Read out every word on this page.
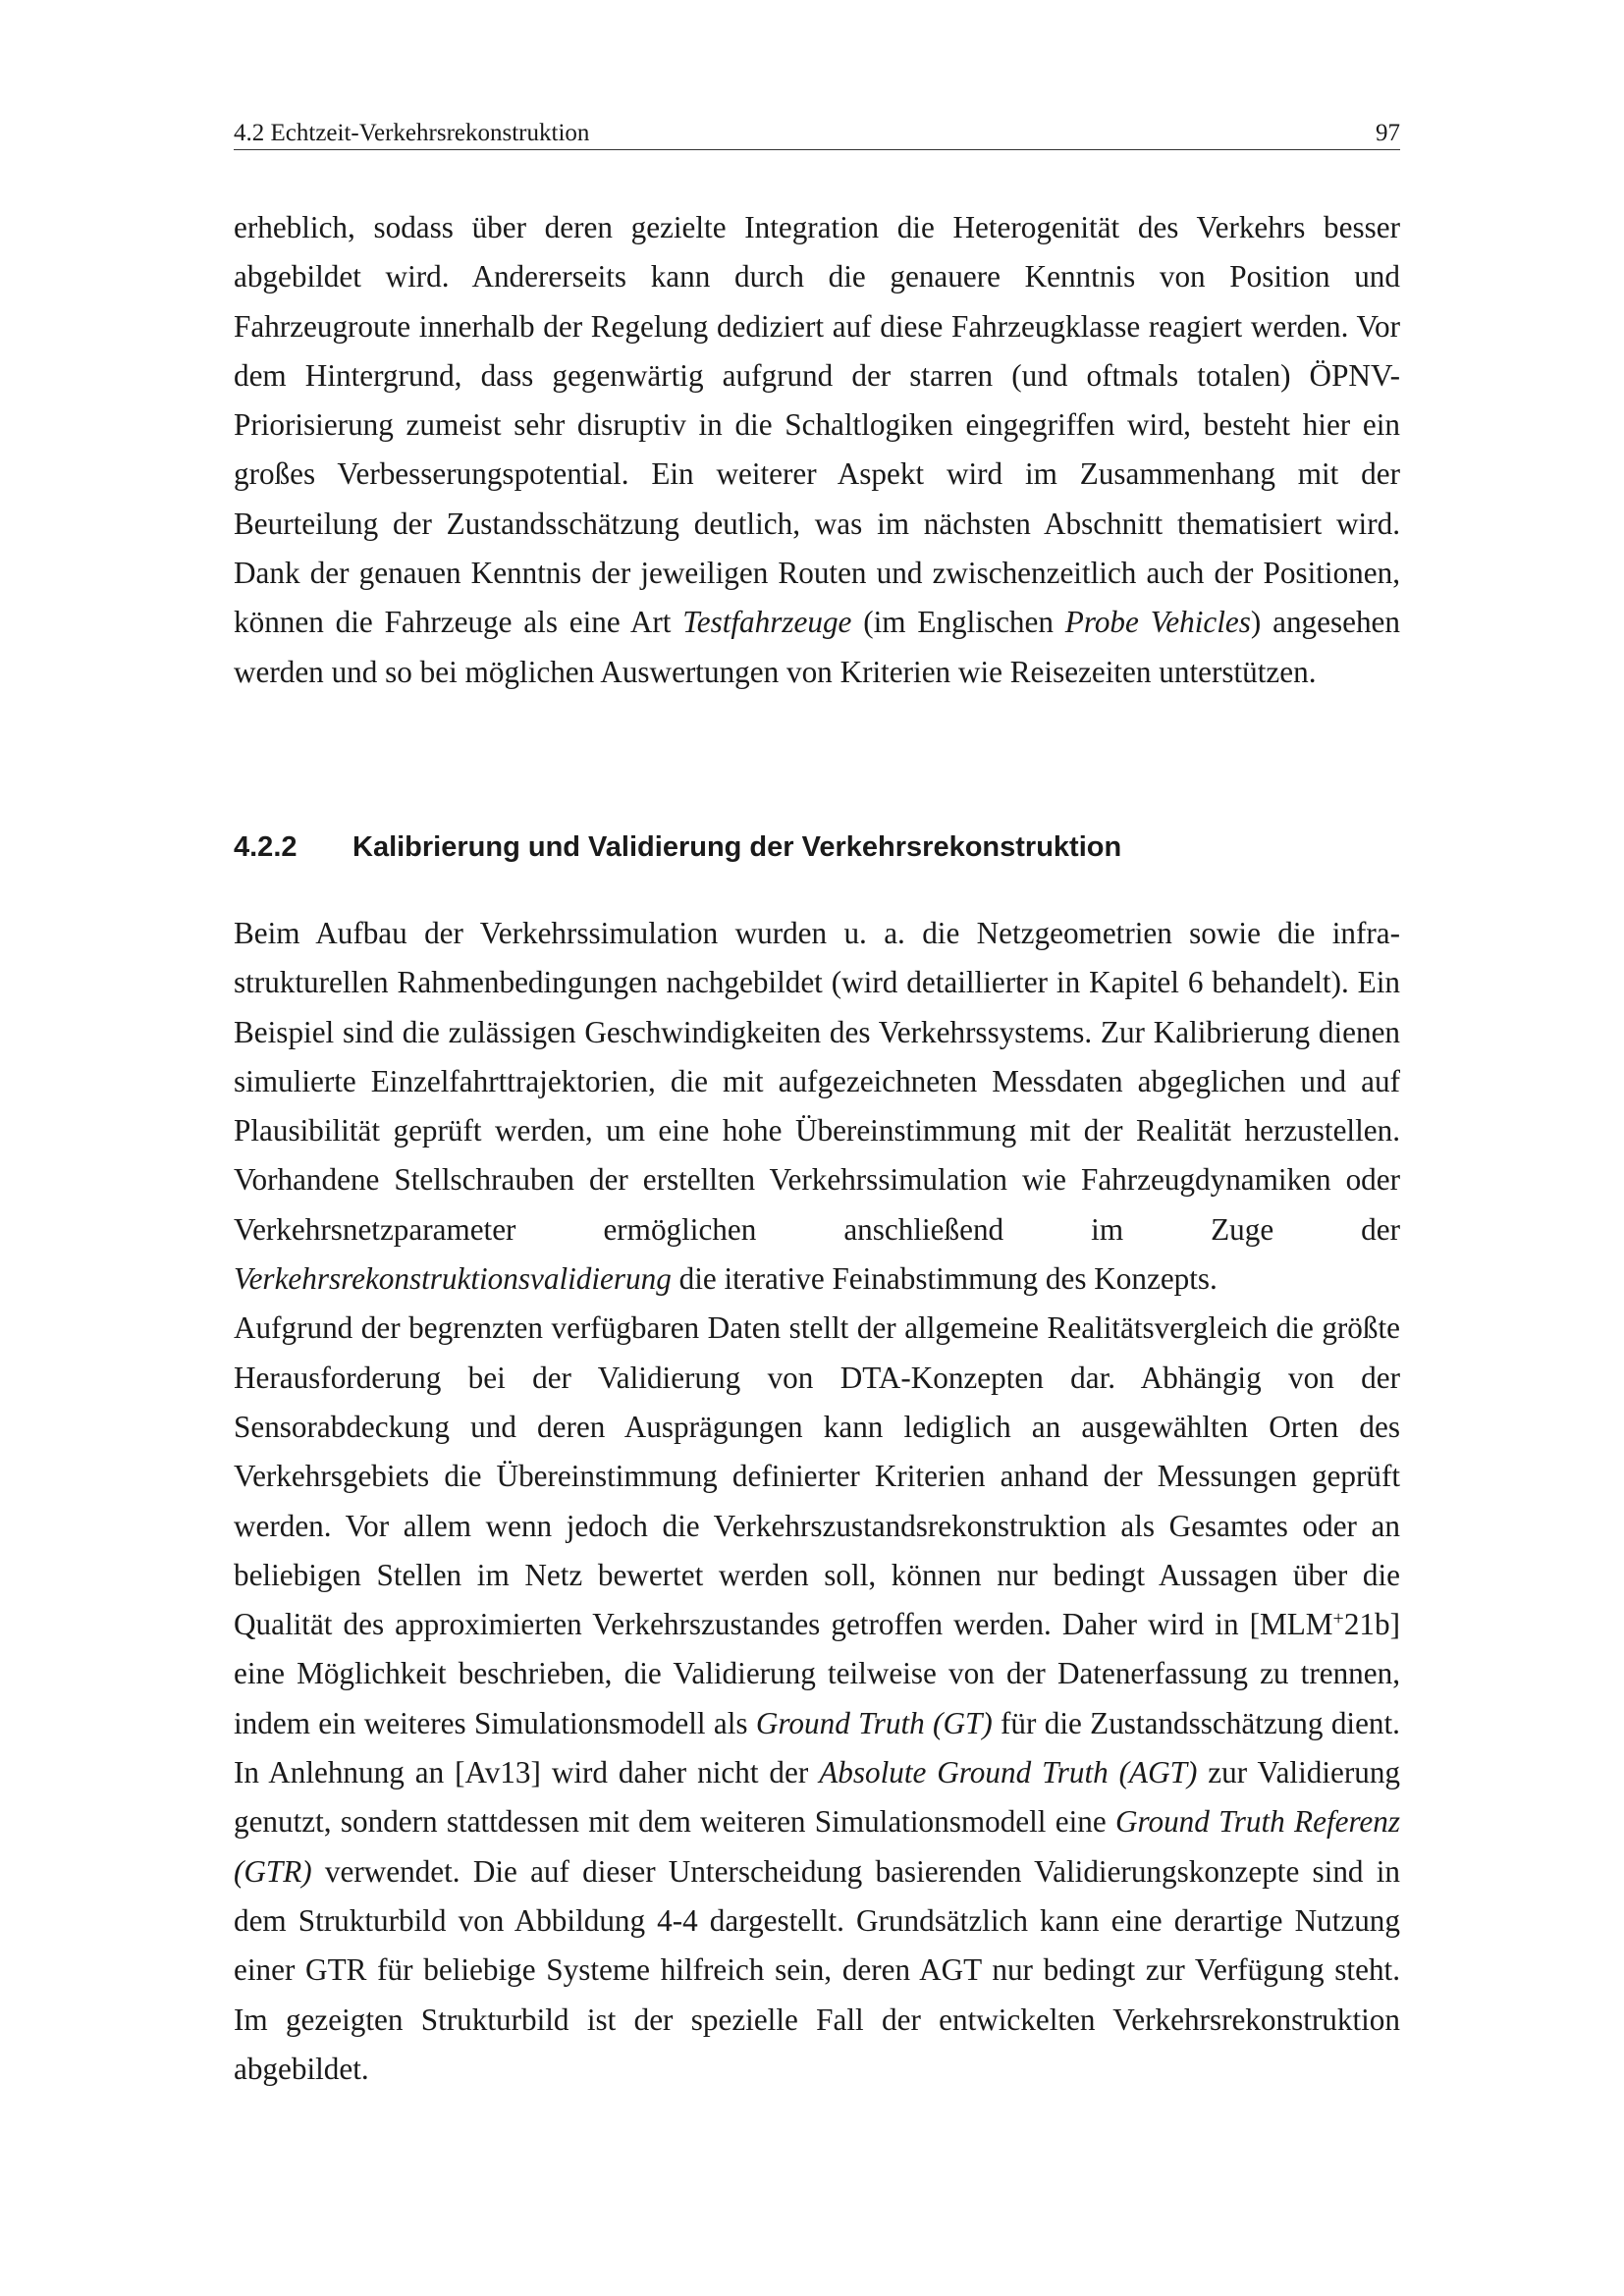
4.2 Echtzeit-Verkehrsrekonstruktion	97

erheblich, sodass über deren gezielte Integration die Heterogenität des Verkehrs besser abgebildet wird. Andererseits kann durch die genauere Kenntnis von Position und Fahrzeugroute innerhalb der Regelung dediziert auf diese Fahrzeugklasse reagiert werden. Vor dem Hintergrund, dass gegenwärtig aufgrund der starren (und oftmals totalen) ÖPNV-Priorisierung zumeist sehr disruptiv in die Schaltlogiken eingegriffen wird, besteht hier ein großes Verbesserungspotential. Ein weiterer Aspekt wird im Zusammenhang mit der Beurteilung der Zustandsschätzung deutlich, was im nächsten Abschnitt thematisiert wird. Dank der genauen Kenntnis der jeweiligen Routen und zwischenzeitlich auch der Positionen, können die Fahrzeuge als eine Art Testfahrzeuge (im Englischen Probe Vehicles) angesehen werden und so bei möglichen Auswertungen von Kriterien wie Reisezeiten unterstützen.

4.2.2 Kalibrierung und Validierung der Verkehrsrekonstruktion

Beim Aufbau der Verkehrssimulation wurden u. a. die Netzgeometrien sowie die infrastrukturellen Rahmenbedingungen nachgebildet (wird detaillierter in Kapitel 6 behandelt). Ein Beispiel sind die zulässigen Geschwindigkeiten des Verkehrssystems. Zur Kalibrierung dienen simulierte Einzelfahrttrajektorien, die mit aufgezeichneten Messdaten abgeglichen und auf Plausibilität geprüft werden, um eine hohe Übereinstimmung mit der Realität herzustellen. Vorhandene Stellschrauben der erstellten Verkehrssimulation wie Fahrzeugdynamiken oder Verkehrsnetzparameter ermöglichen anschließend im Zuge der Verkehrsrekonstruktionsvalidierung die iterative Feinabstimmung des Konzepts.

Aufgrund der begrenzten verfügbaren Daten stellt der allgemeine Realitätsvergleich die größte Herausforderung bei der Validierung von DTA-Konzepten dar. Abhängig von der Sensorabdeckung und deren Ausprägungen kann lediglich an ausgewählten Orten des Verkehrsgebiets die Übereinstimmung definierter Kriterien anhand der Messungen geprüft werden. Vor allem wenn jedoch die Verkehrszustandsrekonstruktion als Gesamtes oder an beliebigen Stellen im Netz bewertet werden soll, können nur bedingt Aussagen über die Qualität des approximierten Verkehrszustandes getroffen werden. Daher wird in [MLM+21b] eine Möglichkeit beschrieben, die Validierung teilweise von der Datenerfassung zu trennen, indem ein weiteres Simulationsmodell als Ground Truth (GT) für die Zustandsschätzung dient. In Anlehnung an [Av13] wird daher nicht der Absolute Ground Truth (AGT) zur Validierung genutzt, sondern stattdessen mit dem weiteren Simulationsmodell eine Ground Truth Referenz (GTR) verwendet. Die auf dieser Unterscheidung basierenden Validierungskonzepte sind in dem Strukturbild von Abbildung 4-4 dargestellt. Grundsätzlich kann eine derartige Nutzung einer GTR für beliebige Systeme hilfreich sein, deren AGT nur bedingt zur Verfügung steht. Im gezeigten Strukturbild ist der spezielle Fall der entwickelten Verkehrsrekonstruktion abgebildet.
